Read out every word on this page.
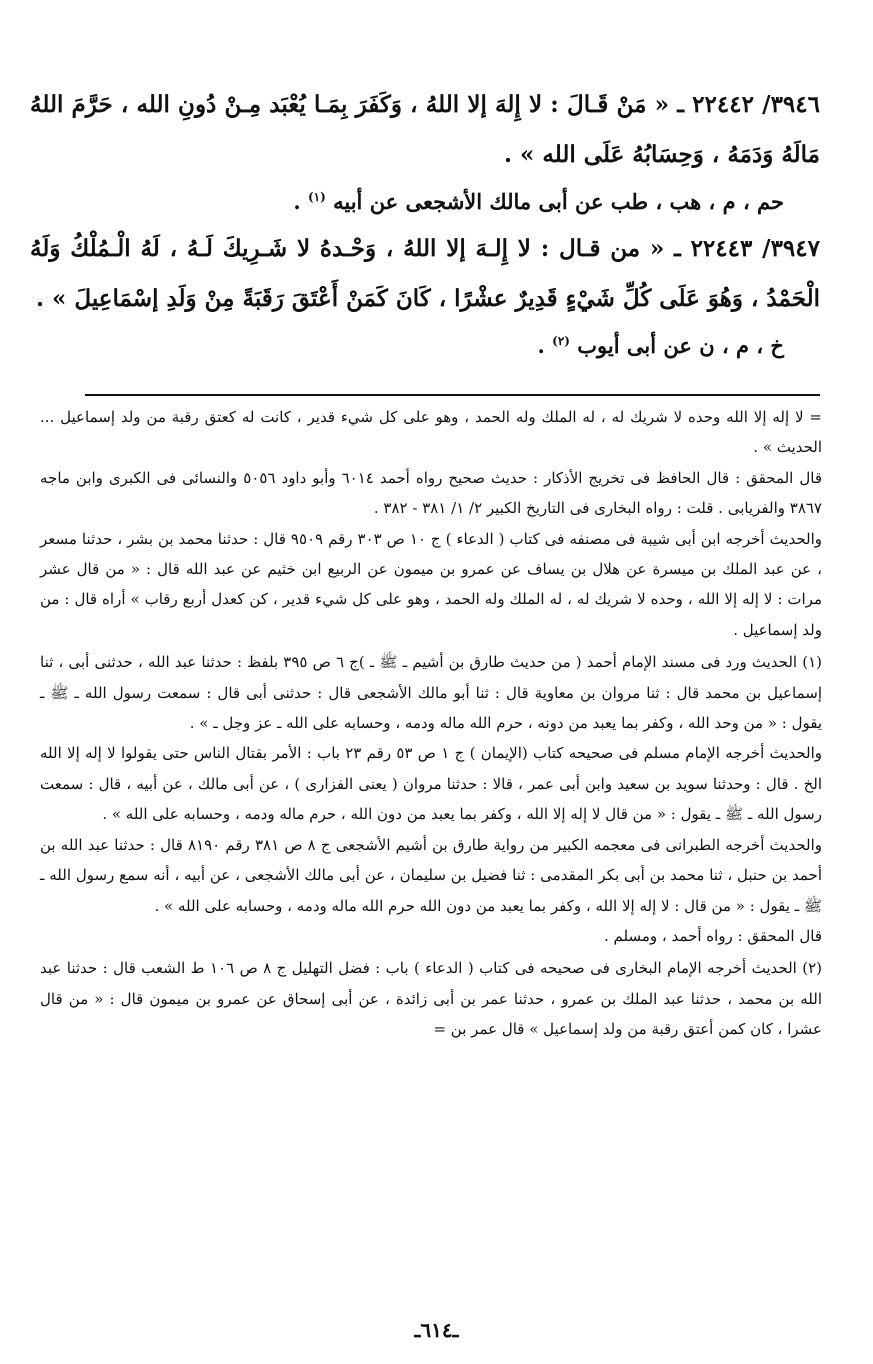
٣٩٤٦/ ٢٢٤٤٢ ـ « مَنْ قَـالَ : لا إِلهَ إلا اللهُ ، وَكَفَرَ بِمَـا يُعْبَد مِـنْ دُونِ الله ، حَرَّمَ اللهُ مَالَهُ وَدَمَهُ ، وَحِسَابُهُ عَلَى الله » .

حم ، م ، هب ، طب عن أبى مالك الأشجعى عن أبيه $^{(١)}$ .

٣٩٤٧/ ٢٢٤٤٣ ـ « من قـال : لا إِلـهَ إلا اللهُ ، وَحْـدهُ لا شَـرِيكَ لَـهُ ، لَهُ الْـمُلْكُ وَلَهُ الْحَمْدُ ، وَهُوَ عَلَى كُلِّ شَيْءٍ قَدِيرٌ عشْرًا ، كَانَ كَمَنْ أَعْتَقَ رَقَبَةً مِنْ وَلَدِ إسْمَاعِيلَ » .

خ ، م ، ن عن أبى أيوب $^{(٢)}$ .

= لا إله إلا الله وحده لا شريك له ، له الملك وله الحمد ، وهو على كل شيء قدير ، كانت له كعتق رقبة من ولد إسماعيل ... الحديث » .

قال المحقق : قال الحافظ فى تخريج الأذكار : حديث صحيح رواه أحمد ٦٠١٤ وأبو داود ٥٠٥٦ والنسائى فى الكبرى وابن ماجه ٣٨٦٧ والفريابى . قلت : رواه البخارى فى التاريخ الكبير ٢/ ١/ ٣٨١ - ٣٨٢ .

والحديث أخرجه ابن أبى شيبة فى مصنفه فى كتاب ( الدعاء ) ج ١٠ ص ٣٠٣ رقم ٩٥٠٩ قال : حدثنا محمد بن بشر ، حدثنا مسعر ، عن عبد الملك بن ميسرة عن هلال بن يساف عن عمرو بن ميمون عن الربيع ابن خثيم عن عبد الله قال : « من قال عشر مرات : لا إله إلا الله ، وحده لا شريك له ، له الملك وله الحمد ، وهو على كل شيء قدير ، كن كعدل أربع رقاب » أراه قال : من ولد إسماعيل .

(١) الحديث ورد فى مسند الإمام أحمد ( من حديث طارق بن أشيم ـ ﷺ ـ )ج ٦ ص ٣٩٥ بلفظ : حدثنا عبد الله ، حدثنى أبى ، ثنا إسماعيل بن محمد قال : ثنا مروان بن معاوية قال : ثنا أبو مالك الأشجعى قال : حدثنى أبى قال : سمعت رسول الله ـ ﷺ ـ يقول : « من وحد الله ، وكفر بما يعبد من دونه ، حرم الله ماله ودمه ، وحسابه على الله ـ عز وجل ـ » .

والحديث أخرجه الإمام مسلم فى صحيحه كتاب (الإيمان ) ج ١ ص ٥٣ رقم ٢٣ باب : الأمر بقتال الناس حتى يقولوا لا إله إلا الله الخ . قال : وحدثنا سويد بن سعيد وابن أبى عمر ، قالا : حدثنا مروان ( يعنى الفزارى ) ، عن أبى مالك ، عن أبيه ، قال : سمعت رسول الله ـ ﷺ ـ يقول : « من قال لا إله إلا الله ، وكفر بما يعبد من دون الله ، حرم ماله ودمه ، وحسابه على الله » .

والحديث أخرجه الطبرانى فى معجمه الكبير من رواية طارق بن أشيم الأشجعى ج ٨ ص ٣٨١ رقم ٨١٩٠ قال : حدثنا عبد الله بن أحمد بن حنبل ، ثنا محمد بن أبى بكر المقدمى : ثنا فضيل بن سليمان ، عن أبى مالك الأشجعى ، عن أبيه ، أنه سمع رسول الله ـ ﷺ ـ يقول : « من قال : لا إله إلا الله ، وكفر بما يعبد من دون الله حرم الله ماله ودمه ، وحسابه على الله » .

قال المحقق : رواه أحمد ، ومسلم .

(٢) الحديث أخرجه الإمام البخارى فى صحيحه فى كتاب ( الدعاء ) باب : فضل التهليل ج ٨ ص ١٠٦ ط الشعب قال : حدثنا عبد الله بن محمد ، حدثنا عبد الملك بن عمرو ، حدثنا عمر بن أبى زائدة ، عن أبى إسحاق عن عمرو بن ميمون قال : « من قال عشرا ، كان كمن أعتق رقبة من ولد إسماعيل » قال عمر بن =

ـ٦١٤ـ
